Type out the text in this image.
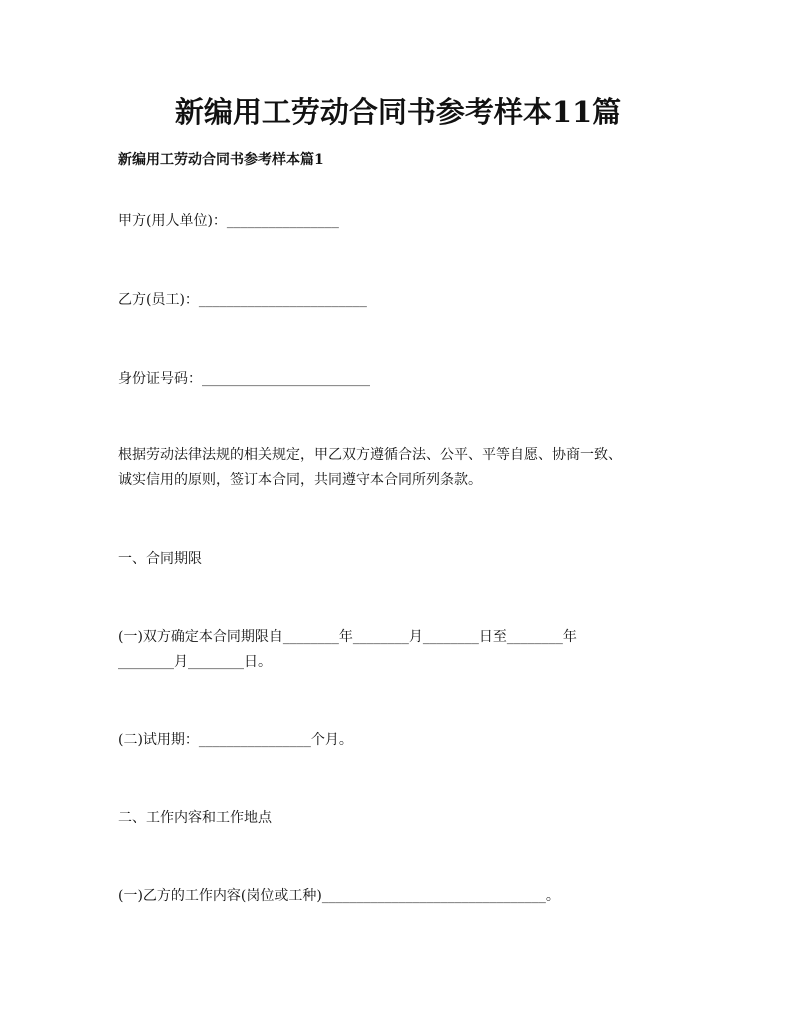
新编用工劳动合同书参考样本11篇
新编用工劳动合同书参考样本篇1
甲方(用人单位)：________________
乙方(员工)：________________________
身份证号码：________________________
根据劳动法律法规的相关规定，甲乙双方遵循合法、公平、平等自愿、协商一致、
诚实信用的原则，签订本合同，共同遵守本合同所列条款。
一、合同期限
(一)双方确定本合同期限自________年________月________日至________年
________月________日。
(二)试用期：________________个月。
二、工作内容和工作地点
(一)乙方的工作内容(岗位或工种)________________________________。
